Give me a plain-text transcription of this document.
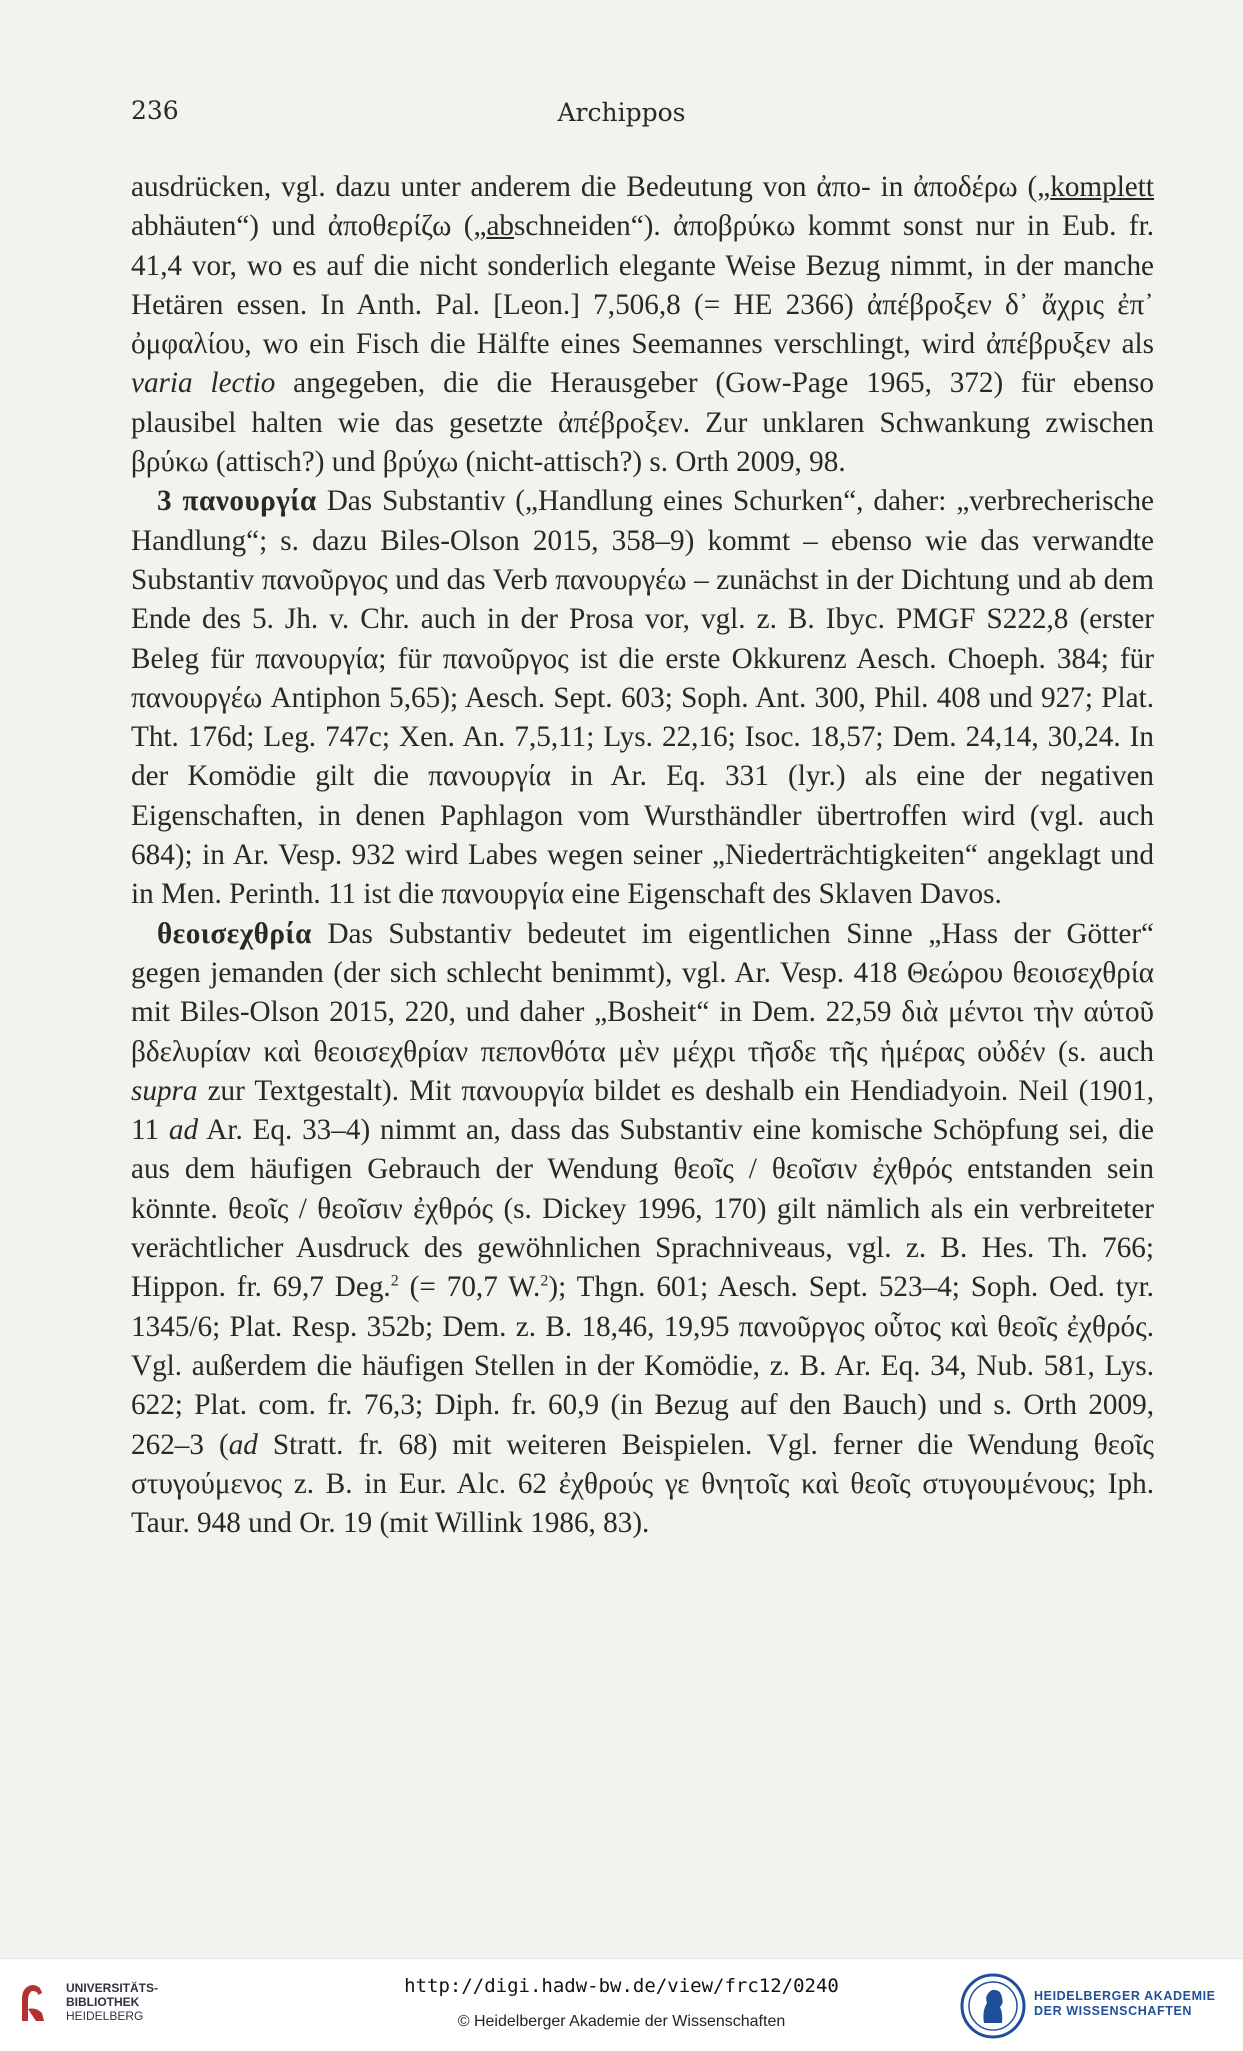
236	Archippos

ausdrücken, vgl. dazu unter anderem die Bedeutung von ἀπο- in ἀποδέρω („komplett abhäuten“) und ἀποθερίζω („abschneiden“). ἀποβρύκω kommt sonst nur in Eub. fr. 41,4 vor, wo es auf die nicht sonderlich elegante Weise Bezug nimmt, in der manche Hetären essen. In Anth. Pal. [Leon.] 7,506,8 (= HE 2366) ἀπέβροξεν δ᾽ ἄχρις ἐπ᾽ ὀμφαλίου, wo ein Fisch die Hälfte eines Seemannes verschlingt, wird ἀπέβρυξεν als varia lectio angegeben, die die Herausgeber (Gow-Page 1965, 372) für ebenso plausibel halten wie das gesetzte ἀπέβροξεν. Zur unklaren Schwankung zwischen βρύκω (attisch?) und βρύχω (nicht-attisch?) s. Orth 2009, 98.

3 πανουργία Das Substantiv („Handlung eines Schurken“, daher: „verbrecherische Handlung“; s. dazu Biles-Olson 2015, 358–9) kommt – ebenso wie das verwandte Substantiv πανοῦργος und das Verb πανουργέω – zunächst in der Dichtung und ab dem Ende des 5. Jh. v. Chr. auch in der Prosa vor, vgl. z. B. Ibyc. PMGF S222,8 (erster Beleg für πανουργία; für πανοῦργος ist die erste Okkurenz Aesch. Choeph. 384; für πανουργέω Antiphon 5,65); Aesch. Sept. 603; Soph. Ant. 300, Phil. 408 und 927; Plat. Tht. 176d; Leg. 747c; Xen. An. 7,5,11; Lys. 22,16; Isoc. 18,57; Dem. 24,14, 30,24. In der Komödie gilt die πανουργία in Ar. Eq. 331 (lyr.) als eine der negativen Eigenschaften, in denen Paphlagon vom Wursthändler übertroffen wird (vgl. auch 684); in Ar. Vesp. 932 wird Labes wegen seiner „Niederträchtigkeiten“ angeklagt und in Men. Perinth. 11 ist die πανουργία eine Eigenschaft des Sklaven Davos.

θεοισεχθρία Das Substantiv bedeutet im eigentlichen Sinne „Hass der Götter“ gegen jemanden (der sich schlecht benimmt), vgl. Ar. Vesp. 418 Θεώρου θεοισεχθρία mit Biles-Olson 2015, 220, und daher „Bosheit“ in Dem. 22,59 διὰ μέντοι τὴν αὑτοῦ βδελυρίαν καὶ θεοισεχθρίαν πεπονθότα μὲν μέχρι τῆσδε τῆς ἡμέρας οὐδέν (s. auch supra zur Textgestalt). Mit πανουργία bildet es deshalb ein Hendiadyoin. Neil (1901, 11 ad Ar. Eq. 33–4) nimmt an, dass das Substantiv eine komische Schöpfung sei, die aus dem häufigen Gebrauch der Wendung θεοῖς / θεοῖσιν ἐχθρός entstanden sein könnte. θεοῖς / θεοῖσιν ἐχθρός (s. Dickey 1996, 170) gilt nämlich als ein verbreiteter verächtlicher Ausdruck des gewöhnlichen Sprachniveaus, vgl. z. B. Hes. Th. 766; Hippon. fr. 69,7 Deg.$^2$ (= 70,7 W.$^2$); Thgn. 601; Aesch. Sept. 523–4; Soph. Oed. tyr. 1345/6; Plat. Resp. 352b; Dem. z. B. 18,46, 19,95 πανοῦργος οὗτος καὶ θεοῖς ἐχθρός. Vgl. außerdem die häufigen Stellen in der Komödie, z. B. Ar. Eq. 34, Nub. 581, Lys. 622; Plat. com. fr. 76,3; Diph. fr. 60,9 (in Bezug auf den Bauch) und s. Orth 2009, 262–3 (ad Stratt. fr. 68) mit weiteren Beispielen. Vgl. ferner die Wendung θεοῖς στυγούμενος z. B. in Eur. Alc. 62 ἐχθρούς γε θνητοῖς καὶ θεοῖς στυγουμένους; Iph. Taur. 948 und Or. 19 (mit Willink 1986, 83).

UNIVERSITÄTS-
BIBLIOTHEK
HEIDELBERG
http://digi.hadw-bw.de/view/frc12/0240
© Heidelberger Akademie der Wissenschaften
HEIDELBERGER AKADEMIE
DER WISSENSCHAFTEN
